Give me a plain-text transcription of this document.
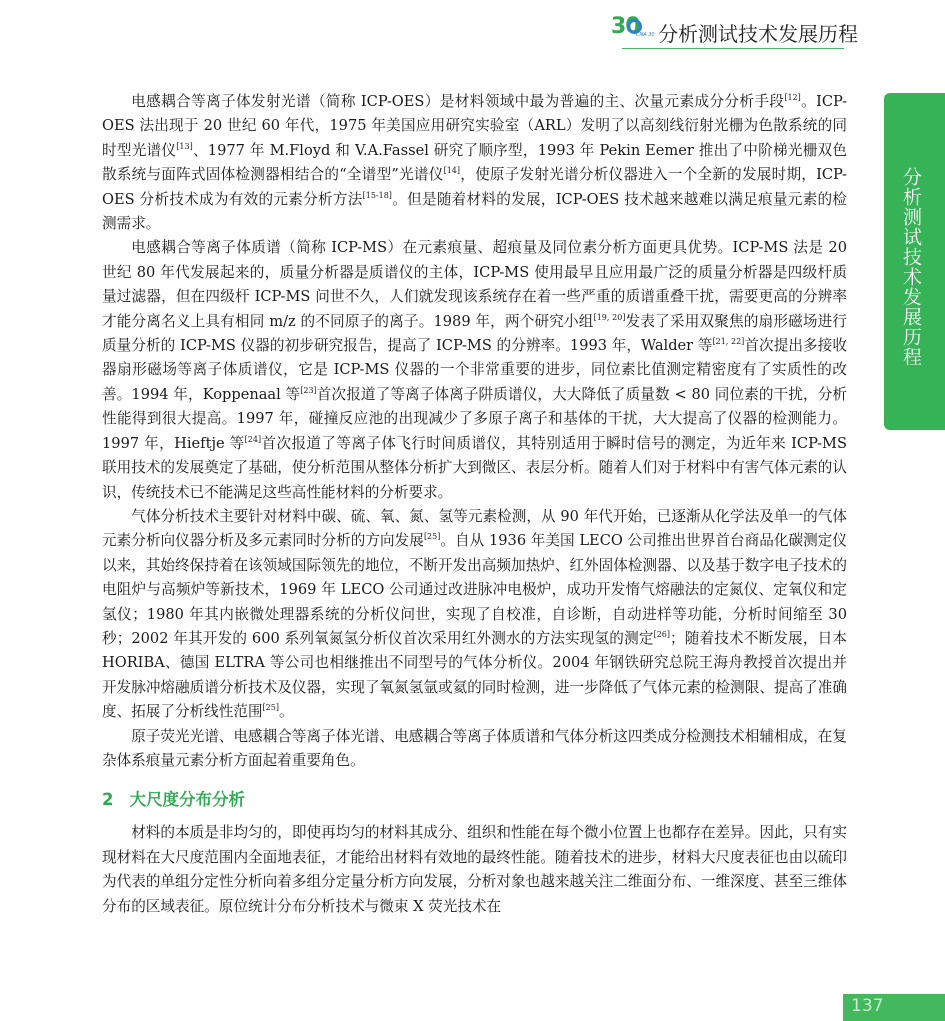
30
CNA 30 分析测试技术发展历程
分析测试技术发展历程

电感耦合等离子体发射光谱（简称 ICP-OES）是材料领域中最为普遍的主、次量元素成分分析手段[12]。ICP-OES 法出现于 20 世纪 60 年代，1975 年美国应用研究实验室（ARL）发明了以高刻线衍射光栅为色散系统的同时型光谱仪[13]、1977 年 M.Floyd 和 V.A.Fassel 研究了顺序型，1993 年 Pekin Eemer 推出了中阶梯光栅双色散系统与面阵式固体检测器相结合的“全谱型”光谱仪[14]，使原子发射光谱分析仪器进入一个全新的发展时期，ICP-OES 分析技术成为有效的元素分析方法[15-18]。但是随着材料的发展，ICP-OES 技术越来越难以满足痕量元素的检测需求。

电感耦合等离子体质谱（简称 ICP-MS）在元素痕量、超痕量及同位素分析方面更具优势。ICP-MS 法是 20 世纪 80 年代发展起来的，质量分析器是质谱仪的主体，ICP-MS 使用最早且应用最广泛的质量分析器是四级杆质量过滤器，但在四级杆 ICP-MS 问世不久，人们就发现该系统存在着一些严重的质谱重叠干扰，需要更高的分辨率才能分离名义上具有相同 m/z 的不同原子的离子。1989 年，两个研究小组[19, 20]发表了采用双聚焦的扇形磁场进行质量分析的 ICP-MS 仪器的初步研究报告，提高了 ICP-MS 的分辨率。1993 年，Walder 等[21, 22]首次提出多接收器扇形磁场等离子体质谱仪，它是 ICP-MS 仪器的一个非常重要的进步，同位素比值测定精密度有了实质性的改善。1994 年，Koppenaal 等[23]首次报道了等离子体离子阱质谱仪，大大降低了质量数 < 80 同位素的干扰，分析性能得到很大提高。1997 年，碰撞反应池的出现减少了多原子离子和基体的干扰，大大提高了仪器的检测能力。1997 年，Hieftje 等[24]首次报道了等离子体飞行时间质谱仪，其特别适用于瞬时信号的测定，为近年来 ICP-MS 联用技术的发展奠定了基础，使分析范围从整体分析扩大到微区、表层分析。随着人们对于材料中有害气体元素的认识，传统技术已不能满足这些高性能材料的分析要求。

气体分析技术主要针对材料中碳、硫、氧、氮、氢等元素检测，从 90 年代开始，已逐渐从化学法及单一的气体元素分析向仪器分析及多元素同时分析的方向发展[25]。自从 1936 年美国 LECO 公司推出世界首台商品化碳测定仪以来，其始终保持着在该领域国际领先的地位，不断开发出高频加热炉、红外固体检测器、以及基于数字电子技术的电阻炉与高频炉等新技术，1969 年 LECO 公司通过改进脉冲电极炉，成功开发惰气熔融法的定氮仪、定氧仪和定氢仪；1980 年其内嵌微处理器系统的分析仪问世，实现了自校准，自诊断，自动进样等功能，分析时间缩至 30 秒；2002 年其开发的 600 系列氧氮氢分析仪首次采用红外测水的方法实现氢的测定[26]；随着技术不断发展，日本 HORIBA、德国 ELTRA 等公司也相继推出不同型号的气体分析仪。2004 年钢铁研究总院王海舟教授首次提出并开发脉冲熔融质谱分析技术及仪器，实现了氧氮氢氩或氦的同时检测，进一步降低了气体元素的检测限、提高了准确度、拓展了分析线性范围[25]。

原子荧光光谱、电感耦合等离子体光谱、电感耦合等离子体质谱和气体分析这四类成分检测技术相辅相成，在复杂体系痕量元素分析方面起着重要角色。

2 大尺度分布分析

材料的本质是非均匀的，即使再均匀的材料其成分、组织和性能在每个微小位置上也都存在差异。因此，只有实现材料在大尺度范围内全面地表征，才能给出材料有效地的最终性能。随着技术的进步，材料大尺度表征也由以硫印为代表的单组分定性分析向着多组分定量分析方向发展，分析对象也越来越关注二维面分布、一维深度、甚至三维体分布的区域表征。原位统计分布分析技术与微束 X 荧光技术在

137
